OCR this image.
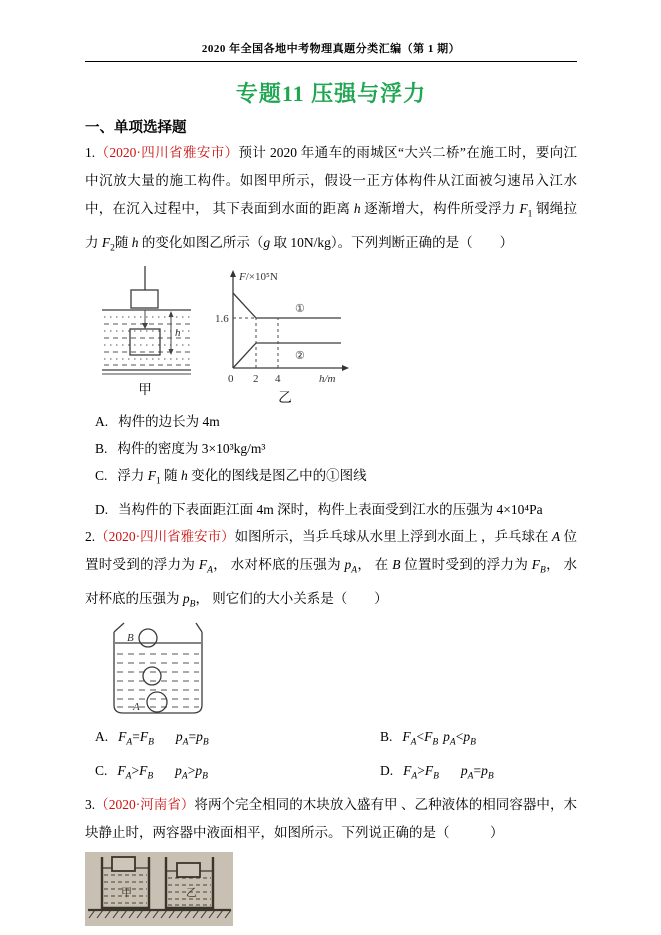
2020 年全国各地中考物理真题分类汇编（第 1 期）
专题11 压强与浮力
一、单项选择题

1.（2020·四川省雅安市）预计 2020 年通车的雨城区“大兴二桥”在施工时，要向江中沉放大量的施工构件。如图甲所示，假设一正方体构件从江面被匀速吊入江水中，在沉入过程中， 其下表面到水面的距离 h 逐渐增大，构件所受浮力 $F_1$ 钢绳拉力 $F_2$随 h 的变化如图乙所示（g 取 10N/kg）。下列判断正确的是（　　）

h
甲
F/×10⁵N
1.6
①
②
0 2 4	h/m
乙
A. 构件的边长为 4m
B. 构件的密度为 3×10³kg/m³
C. 浮力 $F_1$ 随 h 变化的图线是图乙中的①图线
D. 当构件的下表面距江面 4m 深时，构件上表面受到江水的压强为 4×10⁴Pa

2.（2020·四川省雅安市）如图所示，当乒乓球从水里上浮到水面上 ，乒乓球在 A 位置时受到的浮力为 $F_A$， 水对杯底的压强为 $p_A$， 在 B 位置时受到的浮力为 $F_B$， 水对杯底的压强为 $p_B$， 则它们的大小关系是（　　）

B
A
A. $F_A=F_B$ $p_A=p_B$	B. $F_A<F_B$ $p_A<p_B$
C. $F_A>F_B$ $p_A>p_B$	D. $F_A>F_B$ $p_A=p_B$

3.（2020·河南省）将两个完全相同的木块放入盛有甲 、乙种液体的相同容器中，木块静止时，两容器中液面相平，如图所示。下列说正确的是（　　　）

甲	乙
